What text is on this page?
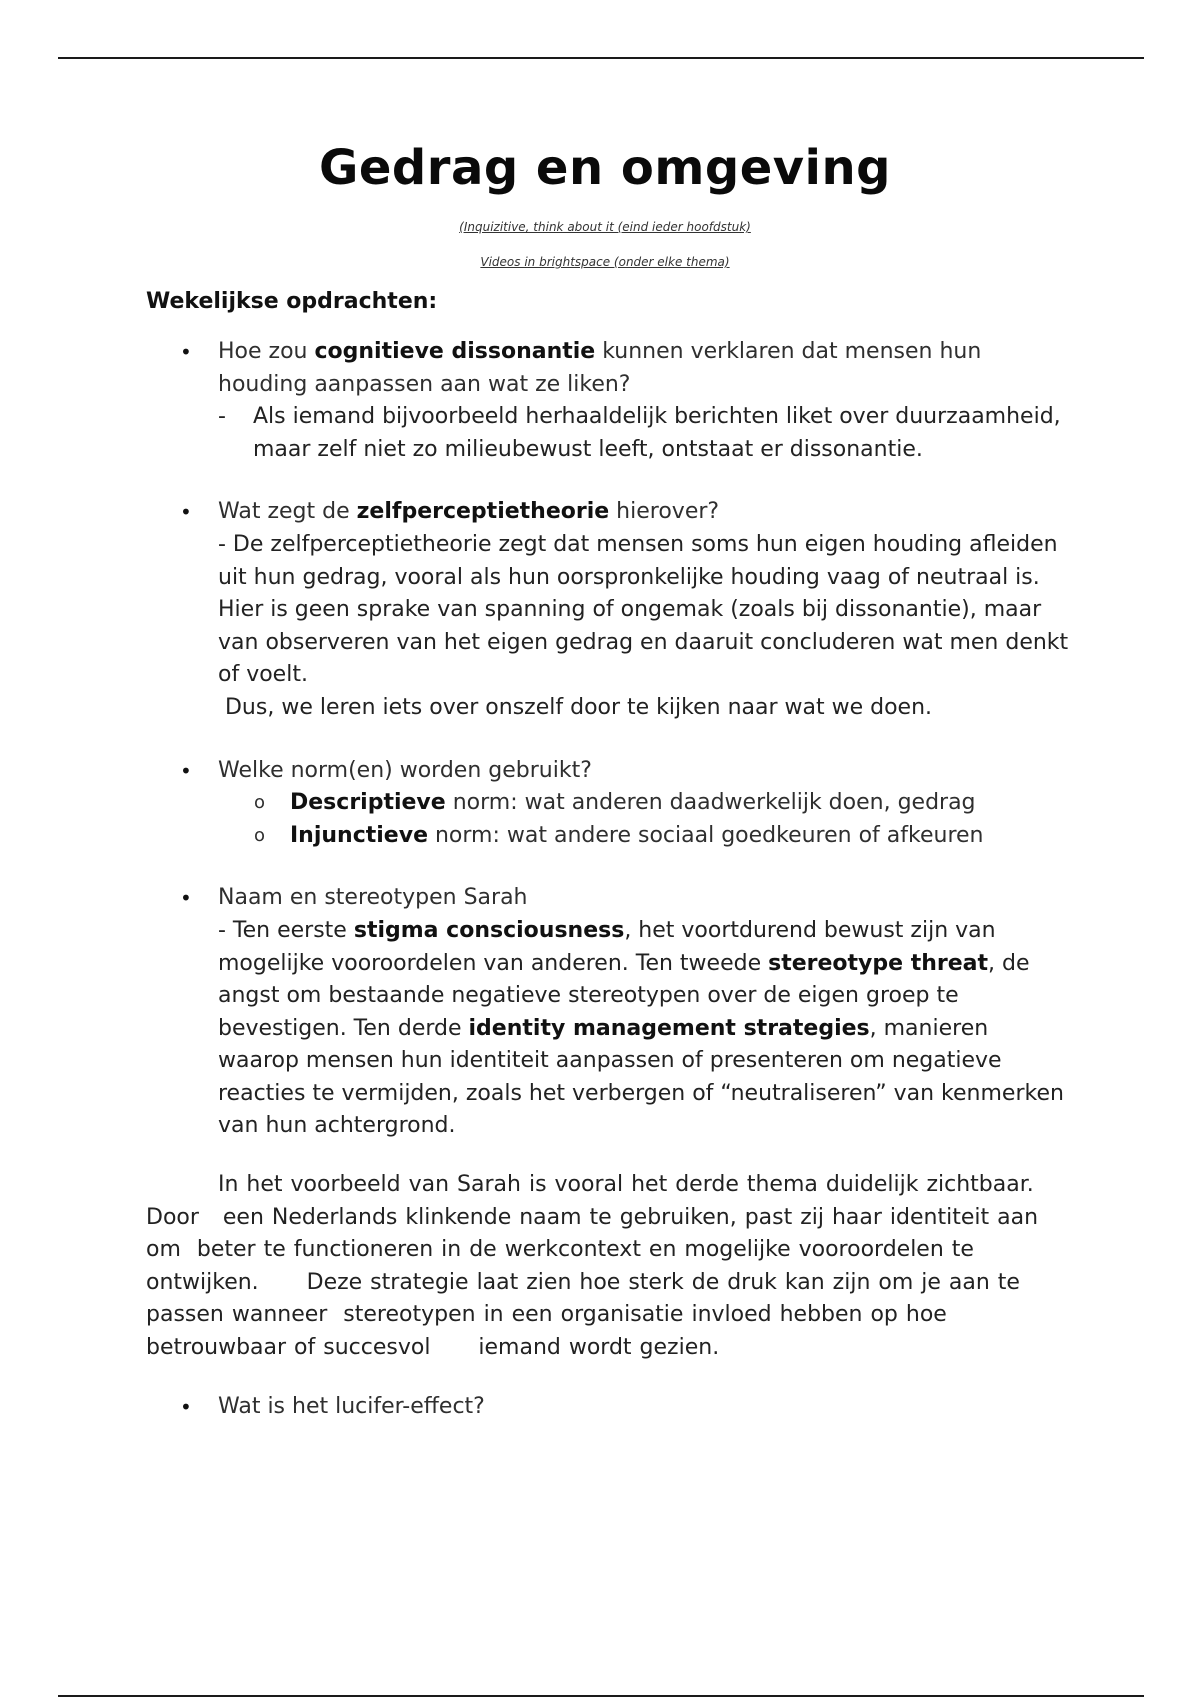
Gedrag en omgeving
(Inquizitive, think about it (eind ieder hoofdstuk)
Videos in brightspace (onder elke thema)
Wekelijkse opdrachten:
• Hoe zou cognitieve dissonantie kunnen verklaren dat mensen hun houding aanpassen aan wat ze liken?
- Als iemand bijvoorbeeld herhaaldelijk berichten liket over duurzaamheid, maar zelf niet zo milieubewust leeft, ontstaat er dissonantie.
• Wat zegt de zelfperceptietheorie hierover?
- De zelfperceptietheorie zegt dat mensen soms hun eigen houding afleiden uit hun gedrag, vooral als hun oorspronkelijke houding vaag of neutraal is. Hier is geen sprake van spanning of ongemak (zoals bij dissonantie), maar van observeren van het eigen gedrag en daaruit concluderen wat men denkt of voelt.
Dus, we leren iets over onszelf door te kijken naar wat we doen.
• Welke norm(en) worden gebruikt?
o Descriptieve norm: wat anderen daadwerkelijk doen, gedrag
o Injunctieve norm: wat andere sociaal goedkeuren of afkeuren
• Naam en stereotypen Sarah
- Ten eerste stigma consciousness, het voortdurend bewust zijn van mogelijke vooroordelen van anderen. Ten tweede stereotype threat, de angst om bestaande negatieve stereotypen over de eigen groep te bevestigen. Ten derde identity management strategies, manieren waarop mensen hun identiteit aanpassen of presenteren om negatieve reacties te vermijden, zoals het verbergen of “neutraliseren” van kenmerken van hun achtergrond.
In het voorbeeld van Sarah is vooral het derde thema duidelijk zichtbaar. Door   een Nederlands klinkende naam te gebruiken, past zij haar identiteit aan om  beter te functioneren in de werkcontext en mogelijke vooroordelen te ontwijken.      Deze strategie laat zien hoe sterk de druk kan zijn om je aan te passen wanneer  stereotypen in een organisatie invloed hebben op hoe betrouwbaar of succesvol      iemand wordt gezien.
• Wat is het lucifer-effect?
